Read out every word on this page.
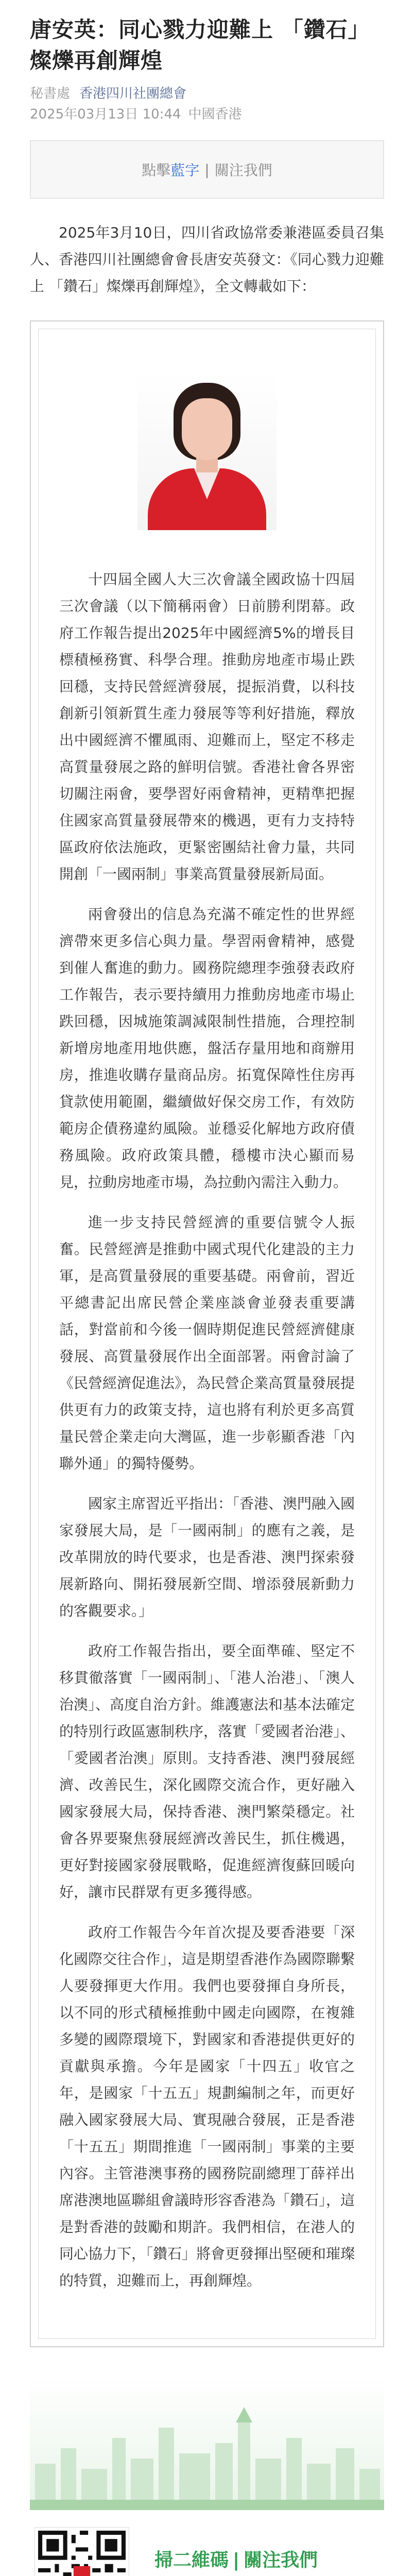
唐安英：同心戮力迎難上 「鑽石」燦爍再創輝煌
秘書處 香港四川社團總會
2025年03月13日 10:44 中國香港
點擊 藍字 | 關注我們
2025年3月10日，四川省政協常委兼港區委員召集人、香港四川社團總會會長唐安英發文：《同心戮力迎難上 「鑽石」燦爍再創輝煌》，全文轉載如下：

十四屆全國人大三次會議全國政協十四屆三次會議（以下簡稱兩會）日前勝利閉幕。政府工作報告提出2025年中國經濟5%的增長目標積極務實、科學合理。推動房地產市場止跌回穩，支持民營經濟發展，提振消費，以科技創新引領新質生產力發展等等利好措施，釋放出中國經濟不懼風雨、迎難而上，堅定不移走高質量發展之路的鮮明信號。香港社會各界密切關注兩會，要學習好兩會精神，更精準把握住國家高質量發展帶來的機遇，更有力支持特區政府依法施政，更緊密團結社會力量，共同開創「一國兩制」事業高質量發展新局面。

兩會發出的信息為充滿不確定性的世界經濟帶來更多信心與力量。學習兩會精神，感覺到催人奮進的動力。國務院總理李強發表政府工作報告，表示要持續用力推動房地產市場止跌回穩，因城施策調減限制性措施，合理控制新增房地產用地供應，盤活存量用地和商辦用房，推進收購存量商品房。拓寬保障性住房再貸款使用範圍，繼續做好保交房工作，有效防範房企債務違約風險。並穩妥化解地方政府債務風險。政府政策具體，穩樓市決心顯而易見，拉動房地產市場，為拉動內需注入動力。

進一步支持民營經濟的重要信號令人振奮。民營經濟是推動中國式現代化建設的主力軍，是高質量發展的重要基礎。兩會前，習近平總書記出席民營企業座談會並發表重要講話，對當前和今後一個時期促進民營經濟健康發展、高質量發展作出全面部署。兩會討論了《民營經濟促進法》，為民營企業高質量發展提供更有力的政策支持，這也將有利於更多高質量民營企業走向大灣區，進一步彰顯香港「內聯外通」的獨特優勢。

國家主席習近平指出：「香港、澳門融入國家發展大局，是「一國兩制」的應有之義，是改革開放的時代要求，也是香港、澳門探索發展新路向、開拓發展新空間、增添發展新動力的客觀要求。」

政府工作報告指出，要全面準確、堅定不移貫徹落實「一國兩制」、「港人治港」、「澳人治澳」、高度自治方針。維護憲法和基本法確定的特別行政區憲制秩序，落實「愛國者治港」、「愛國者治澳」原則。支持香港、澳門發展經濟、改善民生，深化國際交流合作，更好融入國家發展大局，保持香港、澳門繁榮穩定。社會各界要聚焦發展經濟改善民生，抓住機遇，更好對接國家發展戰略，促進經濟復蘇回暖向好，讓市民群眾有更多獲得感。

政府工作報告今年首次提及要香港要「深化國際交往合作」，這是期望香港作為國際聯繫人要發揮更大作用。我們也要發揮自身所長，以不同的形式積極推動中國走向國際，在複雜多變的國際環境下，對國家和香港提供更好的貢獻與承擔。今年是國家「十四五」收官之年，是國家「十五五」規劃編制之年，而更好融入國家發展大局、實現融合發展，正是香港「十五五」期間推進「一國兩制」事業的主要內容。主管港澳事務的國務院副總理丁薛祥出席港澳地區聯組會議時形容香港為「鑽石」，這是對香港的鼓勵和期許。我們相信，在港人的同心協力下，「鑽石」將會更發揮出堅硬和璀璨的特質，迎難而上，再創輝煌。

掃二維碼 | 關注我們
